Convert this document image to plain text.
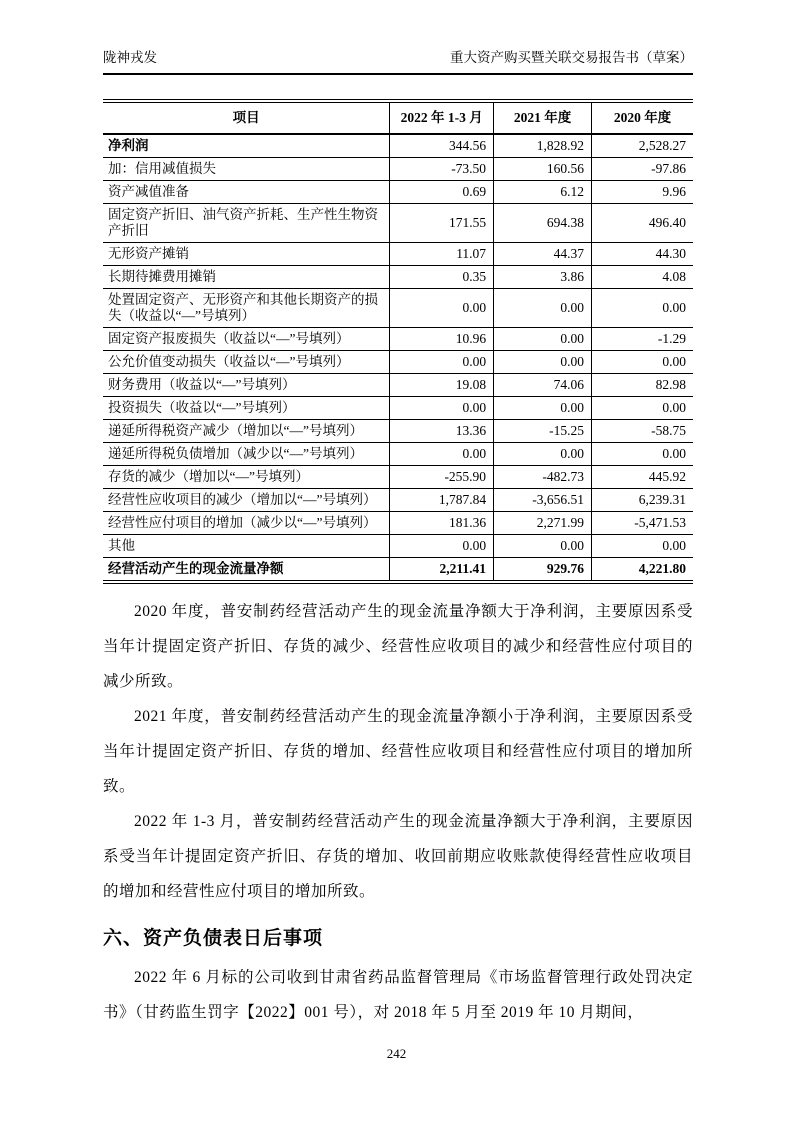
陇神戎发	重大资产购买暨关联交易报告书（草案）
项目	2022 年 1-3 月	2021 年度	2020 年度
净利润	344.56	1,828.92	2,528.27
加：信用减值损失	-73.50	160.56	-97.86
资产减值准备	0.69	6.12	9.96
固定资产折旧、油气资产折耗、生产性生物资产折旧	171.55	694.38	496.40
无形资产摊销	11.07	44.37	44.30
长期待摊费用摊销	0.35	3.86	4.08
处置固定资产、无形资产和其他长期资产的损失（收益以“—”号填列）	0.00	0.00	0.00
固定资产报废损失（收益以“—”号填列）	10.96	0.00	-1.29
公允价值变动损失（收益以“—”号填列）	0.00	0.00	0.00
财务费用（收益以“—”号填列）	19.08	74.06	82.98
投资损失（收益以“—”号填列）	0.00	0.00	0.00
递延所得税资产减少（增加以“—”号填列）	13.36	-15.25	-58.75
递延所得税负债增加（减少以“—”号填列）	0.00	0.00	0.00
存货的减少（增加以“—”号填列）	-255.90	-482.73	445.92
经营性应收项目的减少（增加以“—”号填列）	1,787.84	-3,656.51	6,239.31
经营性应付项目的增加（减少以“—”号填列）	181.36	2,271.99	-5,471.53
其他	0.00	0.00	0.00
经营活动产生的现金流量净额	2,211.41	929.76	4,221.80

2020 年度，普安制药经营活动产生的现金流量净额大于净利润，主要原因系受当年计提固定资产折旧、存货的减少、经营性应收项目的减少和经营性应付项目的减少所致。

2021 年度，普安制药经营活动产生的现金流量净额小于净利润，主要原因系受当年计提固定资产折旧、存货的增加、经营性应收项目和经营性应付项目的增加所致。

2022 年 1-3 月，普安制药经营活动产生的现金流量净额大于净利润，主要原因系受当年计提固定资产折旧、存货的增加、收回前期应收账款使得经营性应收项目的增加和经营性应付项目的增加所致。

六、资产负债表日后事项

2022 年 6 月标的公司收到甘肃省药品监督管理局《市场监督管理行政处罚决定书》（甘药监生罚字【2022】001 号），对 2018 年 5 月至 2019 年 10 月期间，

242
